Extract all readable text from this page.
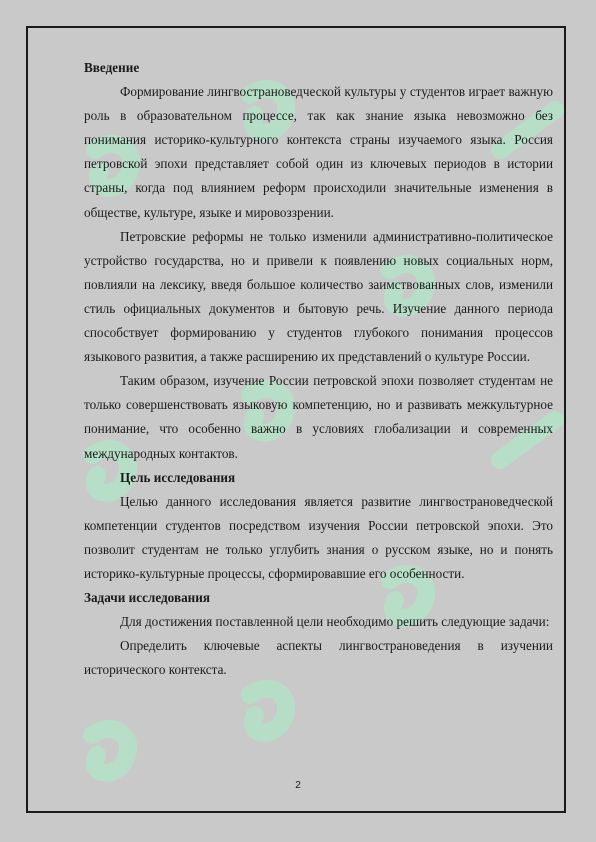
Введение

Формирование лингвострановедческой культуры у студентов играет важную роль в образовательном процессе, так как знание языка невозможно без понимания историко-культурного контекста страны изучаемого языка. Россия петровской эпохи представляет собой один из ключевых периодов в истории страны, когда под влиянием реформ происходили значительные изменения в обществе, культуре, языке и мировоззрении.

Петровские реформы не только изменили административно-политическое устройство государства, но и привели к появлению новых социальных норм, повлияли на лексику, введя большое количество заимствованных слов, изменили стиль официальных документов и бытовую речь. Изучение данного периода способствует формированию у студентов глубокого понимания процессов языкового развития, а также расширению их представлений о культуре России.

Таким образом, изучение России петровской эпохи позволяет студентам не только совершенствовать языковую компетенцию, но и развивать межкультурное понимание, что особенно важно в условиях глобализации и современных международных контактов.

Цель исследования

Целью данного исследования является развитие лингвострановедческой компетенции студентов посредством изучения России петровской эпохи. Это позволит студентам не только углубить знания о русском языке, но и понять историко-культурные процессы, сформировавшие его особенности.

Задачи исследования

Для достижения поставленной цели необходимо решить следующие задачи:

Определить ключевые аспекты лингвострановедения в изучении исторического контекста.

2
